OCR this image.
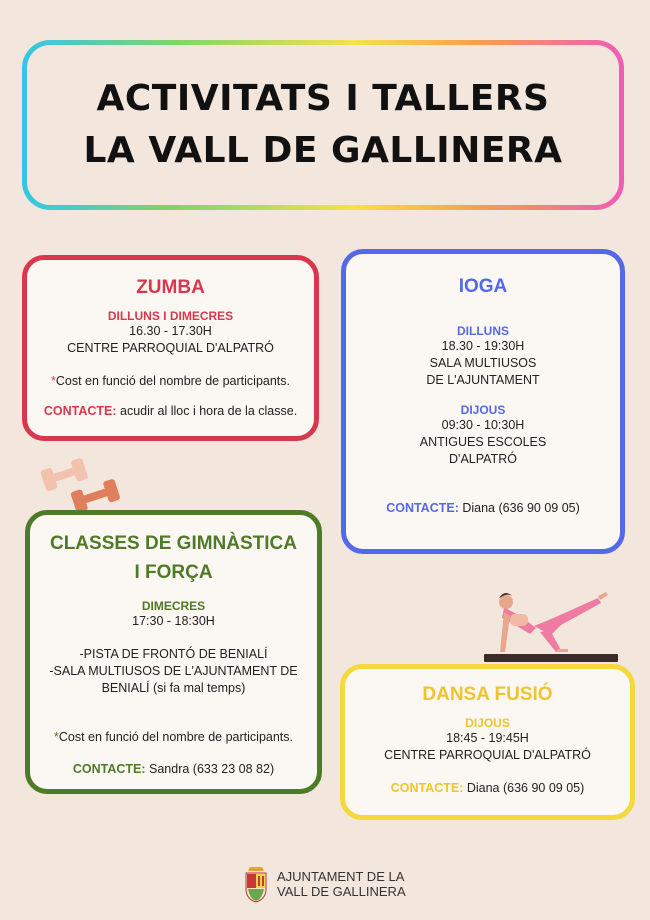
ACTIVITATS I TALLERS
LA VALL DE GALLINERA
ZUMBA
DILLUNS I DIMECRES
16.30 - 17.30H
CENTRE PARROQUIAL D'ALPATRÓ
*Cost en funció del nombre de participants.
CONTACTE: acudir al lloc i hora de la classe.
IOGA
DILLUNS
18.30 - 19:30H
SALA MULTIUSOS
DE L'AJUNTAMENT
DIJOUS
09:30 - 10:30H
ANTIGUES ESCOLES
D'ALPATRÓ
CONTACTE: Diana (636 90 09 05)
CLASSES DE GIMNÀSTICA
I FORÇA
DIMECRES
17:30 - 18:30H
-PISTA DE FRONTÓ DE BENIALÍ
-SALA MULTIUSOS DE L'AJUNTAMENT DE
BENIALÍ (si fa mal temps)
*Cost en funció del nombre de participants.
CONTACTE: Sandra (633 23 08 82)
DANSA FUSIÓ
DIJOUS
18:45 - 19:45H
CENTRE PARROQUIAL D'ALPATRÓ
CONTACTE: Diana (636 90 09 05)
AJUNTAMENT DE LA
VALL DE GALLINERA
